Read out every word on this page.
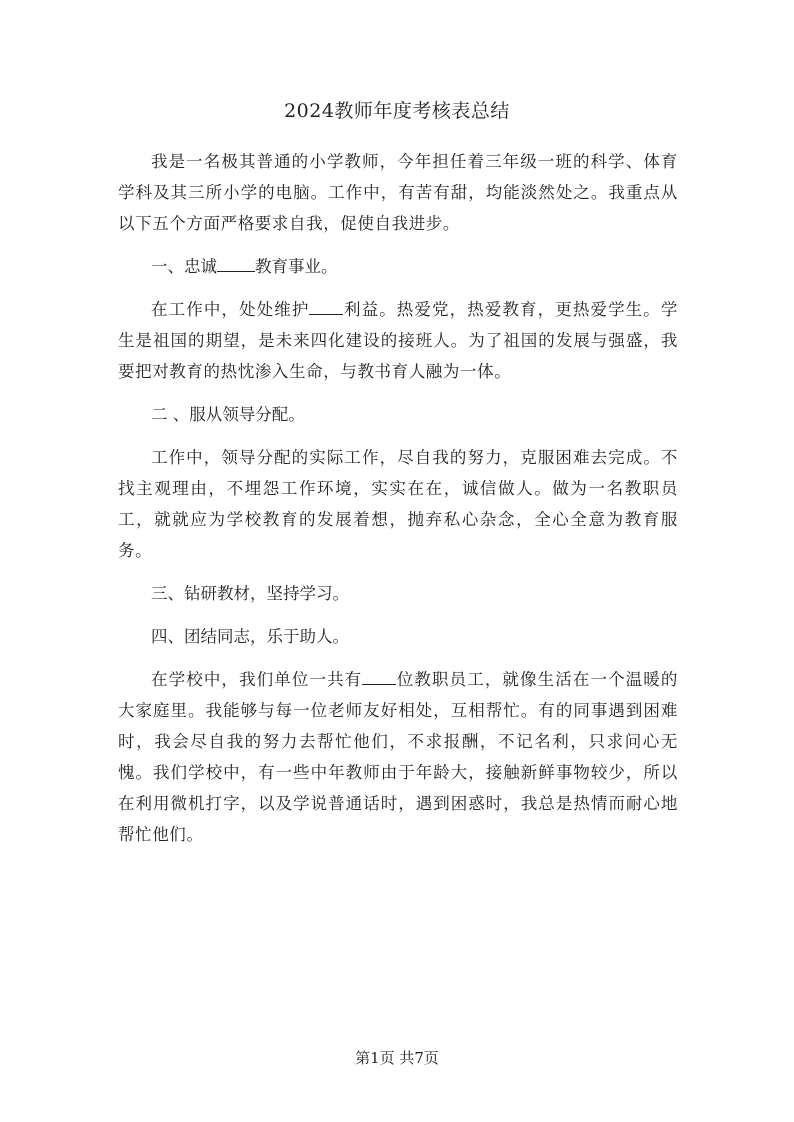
2024教师年度考核表总结

我是一名极其普通的小学教师，今年担任着三年级一班的科学、体育学科及其三所小学的电脑。工作中，有苦有甜，均能淡然处之。我重点从以下五个方面严格要求自我，促使自我进步。

一、忠诚 教育事业。

在工作中，处处维护 利益。热爱党，热爱教育，更热爱学生。学生是祖国的期望，是未来四化建设的接班人。为了祖国的发展与强盛，我要把对教育的热忱渗入生命，与教书育人融为一体。

二 、服从领导分配。

工作中，领导分配的实际工作，尽自我的努力，克服困难去完成。不找主观理由，不埋怨工作环境，实实在在，诚信做人。做为一名教职员工，就就应为学校教育的发展着想，抛弃私心杂念，全心全意为教育服务。

三、钻研教材，坚持学习。

四、团结同志，乐于助人。

在学校中，我们单位一共有 位教职员工，就像生活在一个温暖的大家庭里。我能够与每一位老师友好相处，互相帮忙。有的同事遇到困难时，我会尽自我的努力去帮忙他们，不求报酬，不记名利，只求问心无愧。我们学校中，有一些中年教师由于年龄大，接触新鲜事物较少，所以在利用微机打字，以及学说普通话时，遇到困惑时，我总是热情而耐心地帮忙他们。

第1页 共7页
